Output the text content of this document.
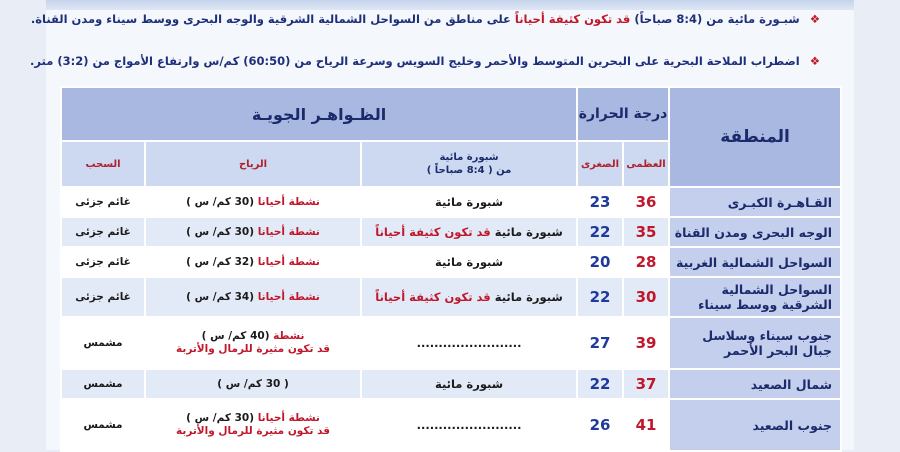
❖ شبـورة مائية من (8:4 صباحاً) قد تكون كثيفة أحياناً على مناطق من السواحل الشمالية الشرقية والوجه البحرى ووسط سيناء ومدن القناة.
❖ اضطراب الملاحة البحرية على البحرين المتوسط والأحمر وخليج السويس وسرعة الرياح من (60:50) كم/س وارتفاع الأمواج من (3:2) متر.
المنطقة	درجة الحرارة		الظـواهـر الجويـة		
	العظمى	الصغرى	شبورة مائية
من ( 8:4 صباحاً )	الرياح	السحب
القـاهـرة الكبـرى	36	23	شبورة مائية	نشطة أحيانا (30 كم/ س )	غائم جزئى
الوجه البحرى ومدن القناة	35	22	شبورة مائية قد تكون كثيفة أحياناً	نشطة أحيانا (30 كم/ س )	غائم جزئى
السواحل الشمالية الغربية	28	20	شبورة مائية	نشطة أحيانا (32 كم/ س )	غائم جزئى
السواحل الشمالية الشرقية ووسط سيناء	30	22	شبورة مائية قد تكون كثيفة أحياناً	نشطة أحيانا (34 كم/ س )	غائم جزئى
جنوب سيناء وسلاسل جبال البحر الأحمر	39	27	........................	نشطة (40 كم/ س )
قد تكون مثيرة للرمال والأتربة	مشمس
شمال الصعيد	37	22	شبورة مائية	( 30 كم/ س )	مشمس
جنوب الصعيد	41	26	........................	نشطة أحيانا (30 كم/ س )
قد تكون مثيرة للرمال والأتربة	مشمس
